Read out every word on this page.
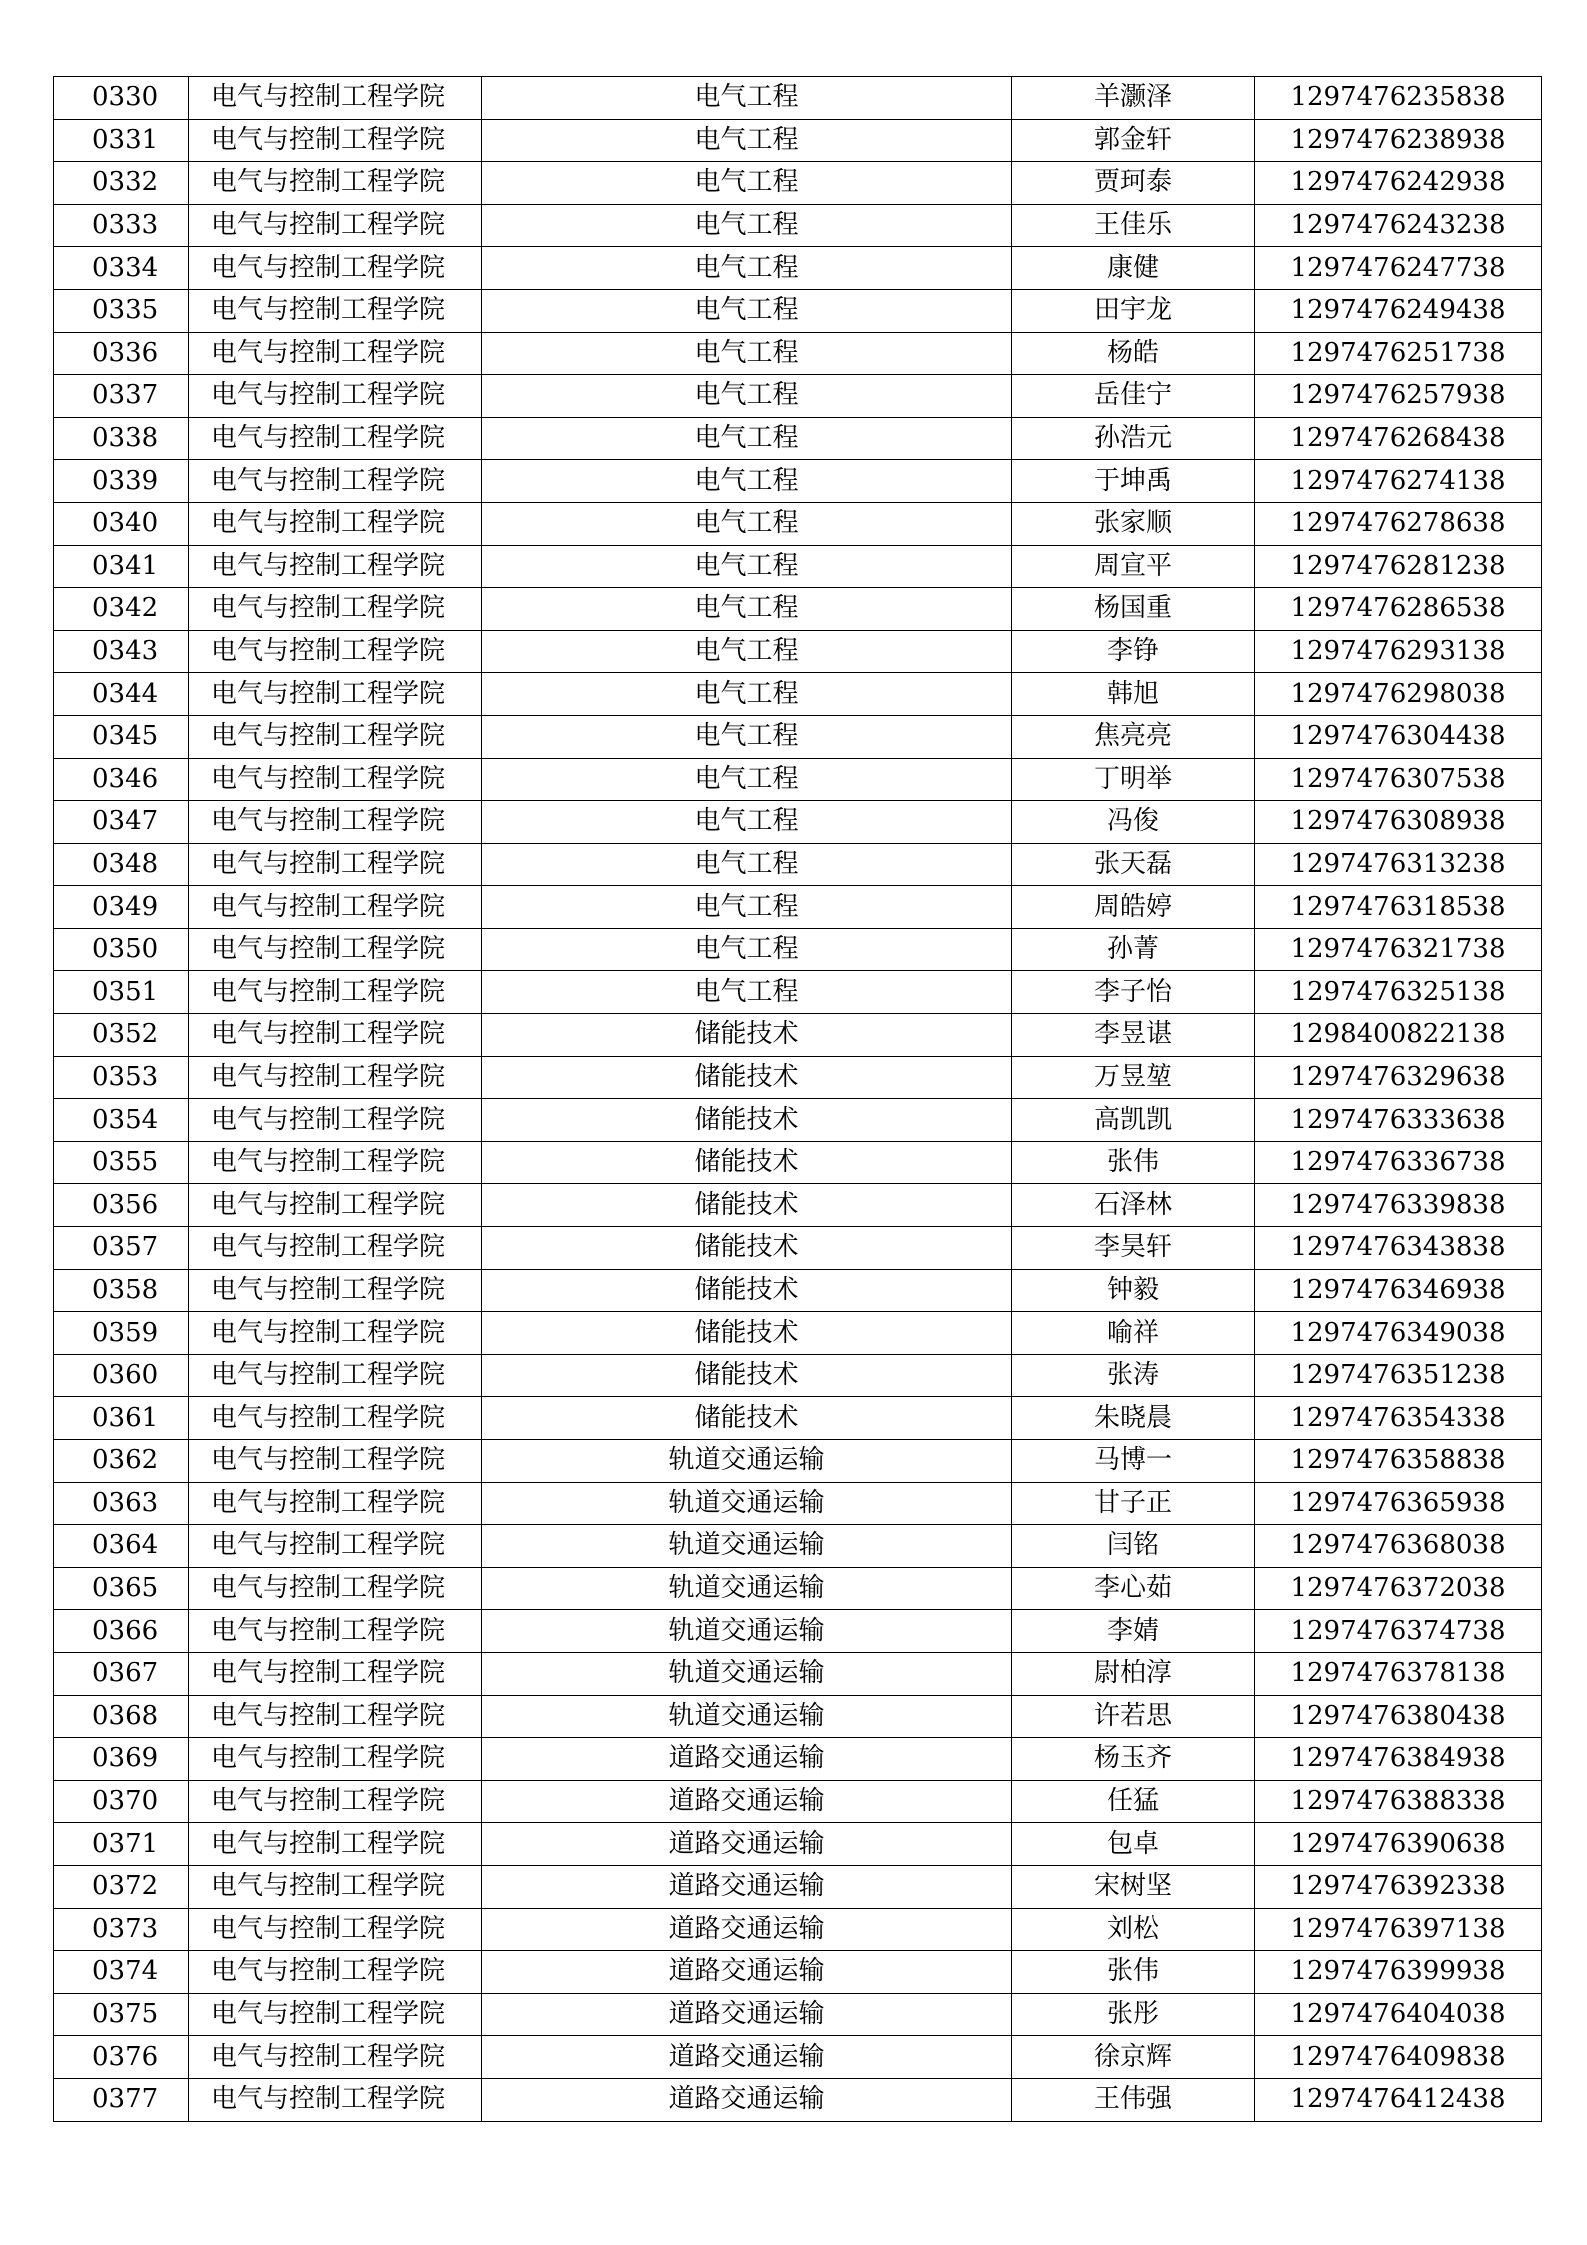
0330	电气与控制工程学院	电气工程	羊灏泽	1297476235838
0331	电气与控制工程学院	电气工程	郭金轩	1297476238938
0332	电气与控制工程学院	电气工程	贾珂泰	1297476242938
0333	电气与控制工程学院	电气工程	王佳乐	1297476243238
0334	电气与控制工程学院	电气工程	康健	1297476247738
0335	电气与控制工程学院	电气工程	田宇龙	1297476249438
0336	电气与控制工程学院	电气工程	杨皓	1297476251738
0337	电气与控制工程学院	电气工程	岳佳宁	1297476257938
0338	电气与控制工程学院	电气工程	孙浩元	1297476268438
0339	电气与控制工程学院	电气工程	于坤禹	1297476274138
0340	电气与控制工程学院	电气工程	张家顺	1297476278638
0341	电气与控制工程学院	电气工程	周宣平	1297476281238
0342	电气与控制工程学院	电气工程	杨国重	1297476286538
0343	电气与控制工程学院	电气工程	李铮	1297476293138
0344	电气与控制工程学院	电气工程	韩旭	1297476298038
0345	电气与控制工程学院	电气工程	焦亮亮	1297476304438
0346	电气与控制工程学院	电气工程	丁明举	1297476307538
0347	电气与控制工程学院	电气工程	冯俊	1297476308938
0348	电气与控制工程学院	电气工程	张天磊	1297476313238
0349	电气与控制工程学院	电气工程	周皓婷	1297476318538
0350	电气与控制工程学院	电气工程	孙菁	1297476321738
0351	电气与控制工程学院	电气工程	李子怡	1297476325138
0352	电气与控制工程学院	储能技术	李昱谌	1298400822138
0353	电气与控制工程学院	储能技术	万昱堃	1297476329638
0354	电气与控制工程学院	储能技术	高凯凯	1297476333638
0355	电气与控制工程学院	储能技术	张伟	1297476336738
0356	电气与控制工程学院	储能技术	石泽林	1297476339838
0357	电气与控制工程学院	储能技术	李昊轩	1297476343838
0358	电气与控制工程学院	储能技术	钟毅	1297476346938
0359	电气与控制工程学院	储能技术	喻祥	1297476349038
0360	电气与控制工程学院	储能技术	张涛	1297476351238
0361	电气与控制工程学院	储能技术	朱晓晨	1297476354338
0362	电气与控制工程学院	轨道交通运输	马博一	1297476358838
0363	电气与控制工程学院	轨道交通运输	甘子正	1297476365938
0364	电气与控制工程学院	轨道交通运输	闫铭	1297476368038
0365	电气与控制工程学院	轨道交通运输	李心茹	1297476372038
0366	电气与控制工程学院	轨道交通运输	李婧	1297476374738
0367	电气与控制工程学院	轨道交通运输	尉柏淳	1297476378138
0368	电气与控制工程学院	轨道交通运输	许若思	1297476380438
0369	电气与控制工程学院	道路交通运输	杨玉齐	1297476384938
0370	电气与控制工程学院	道路交通运输	任猛	1297476388338
0371	电气与控制工程学院	道路交通运输	包卓	1297476390638
0372	电气与控制工程学院	道路交通运输	宋树坚	1297476392338
0373	电气与控制工程学院	道路交通运输	刘松	1297476397138
0374	电气与控制工程学院	道路交通运输	张伟	1297476399938
0375	电气与控制工程学院	道路交通运输	张彤	1297476404038
0376	电气与控制工程学院	道路交通运输	徐京辉	1297476409838
0377	电气与控制工程学院	道路交通运输	王伟强	1297476412438
